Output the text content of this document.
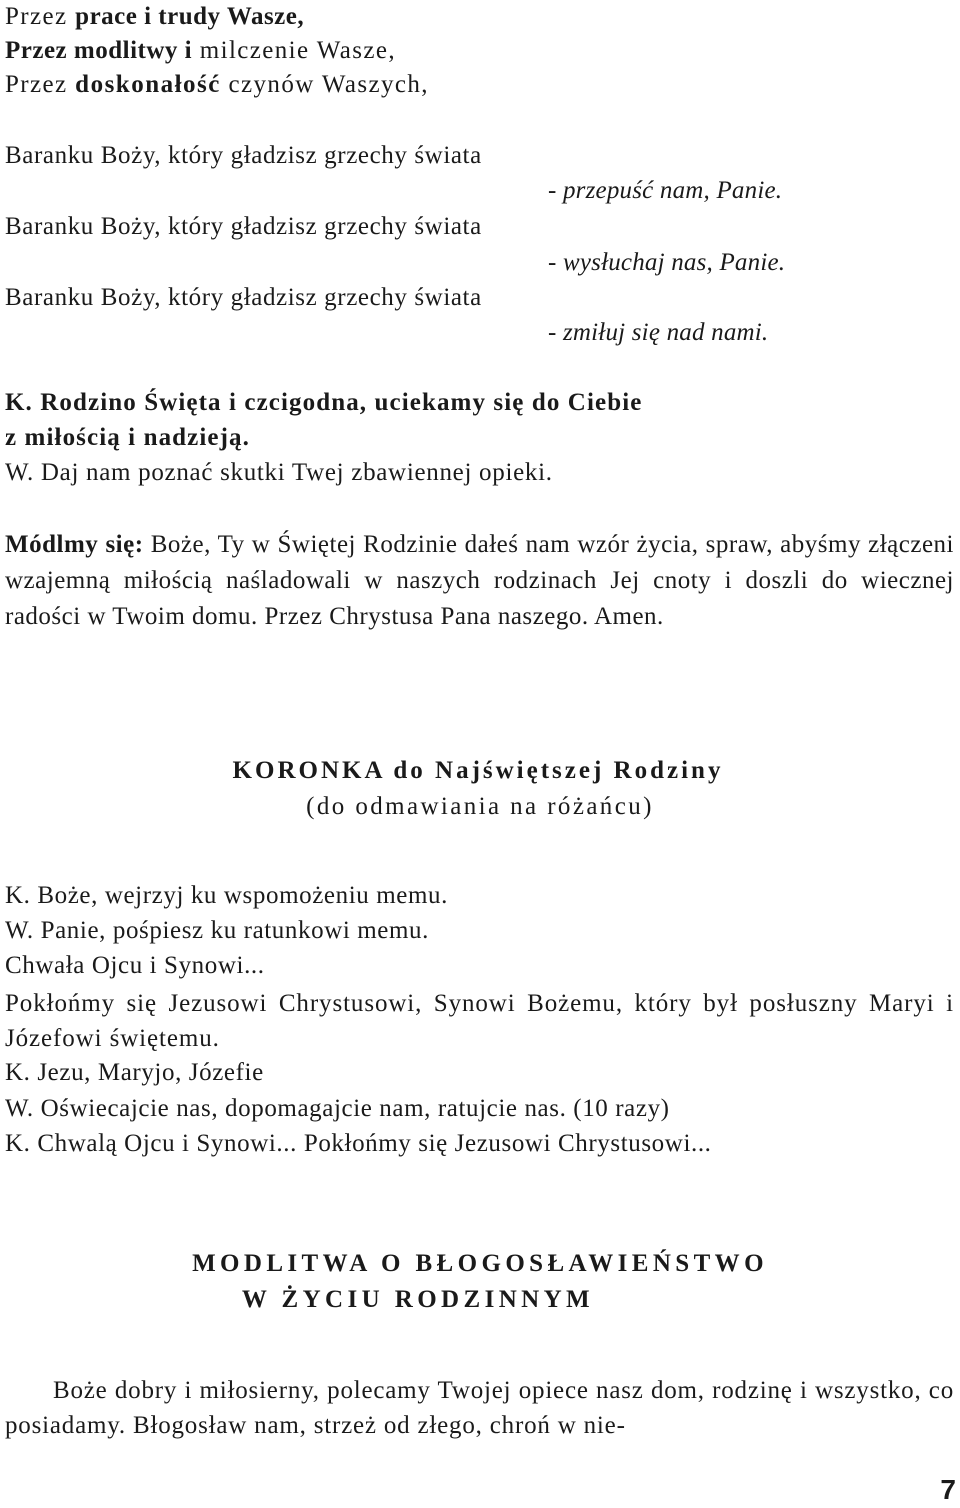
Przez prace i trudy Wasze,
Przez modlitwy i milczenie Wasze,
Przez doskonałość czynów Waszych,
Baranku Boży, który gładzisz grzechy świata
- przepuść nam, Panie.
Baranku Boży, który gładzisz grzechy świata
- wysłuchaj nas, Panie.
Baranku Boży, który gładzisz grzechy świata
- zmiłuj się nad nami.
K. Rodzino Święta i czcigodna, uciekamy się do Ciebie
z miłością i nadzieją.
W. Daj nam poznać skutki Twej zbawiennej opieki.
Módlmy się: Boże, Ty w Świętej Rodzinie dałeś nam wzór życia, spraw, abyśmy złączeni wzajemną miłością naśladowali w naszych rodzinach Jej cnoty i doszli do wiecznej radości w Twoim domu. Przez Chrystusa Pana naszego. Amen.
KORONKA do Najświętszej Rodziny
(do odmawiania na różańcu)
K. Boże, wejrzyj ku wspomożeniu memu.
W. Panie, pośpiesz ku ratunkowi memu.
Chwała Ojcu i Synowi...
Pokłońmy się Jezusowi Chrystusowi, Synowi Bożemu, który był posłuszny Maryi i Józefowi świętemu.
K. Jezu, Maryjo, Józefie
W. Oświecajcie nas, dopomagajcie nam, ratujcie nas. (10 razy)
K. Chwalą Ojcu i Synowi... Pokłońmy się Jezusowi Chrystusowi...
MODLITWA O BŁOGOSŁAWIEŃSTWO
W ŻYCIU RODZINNYM
Boże dobry i miłosierny, polecamy Twojej opiece nasz dom, rodzinę i wszystko, co posiadamy. Błogosław nam, strzeż od złego, chroń w nie-
7
